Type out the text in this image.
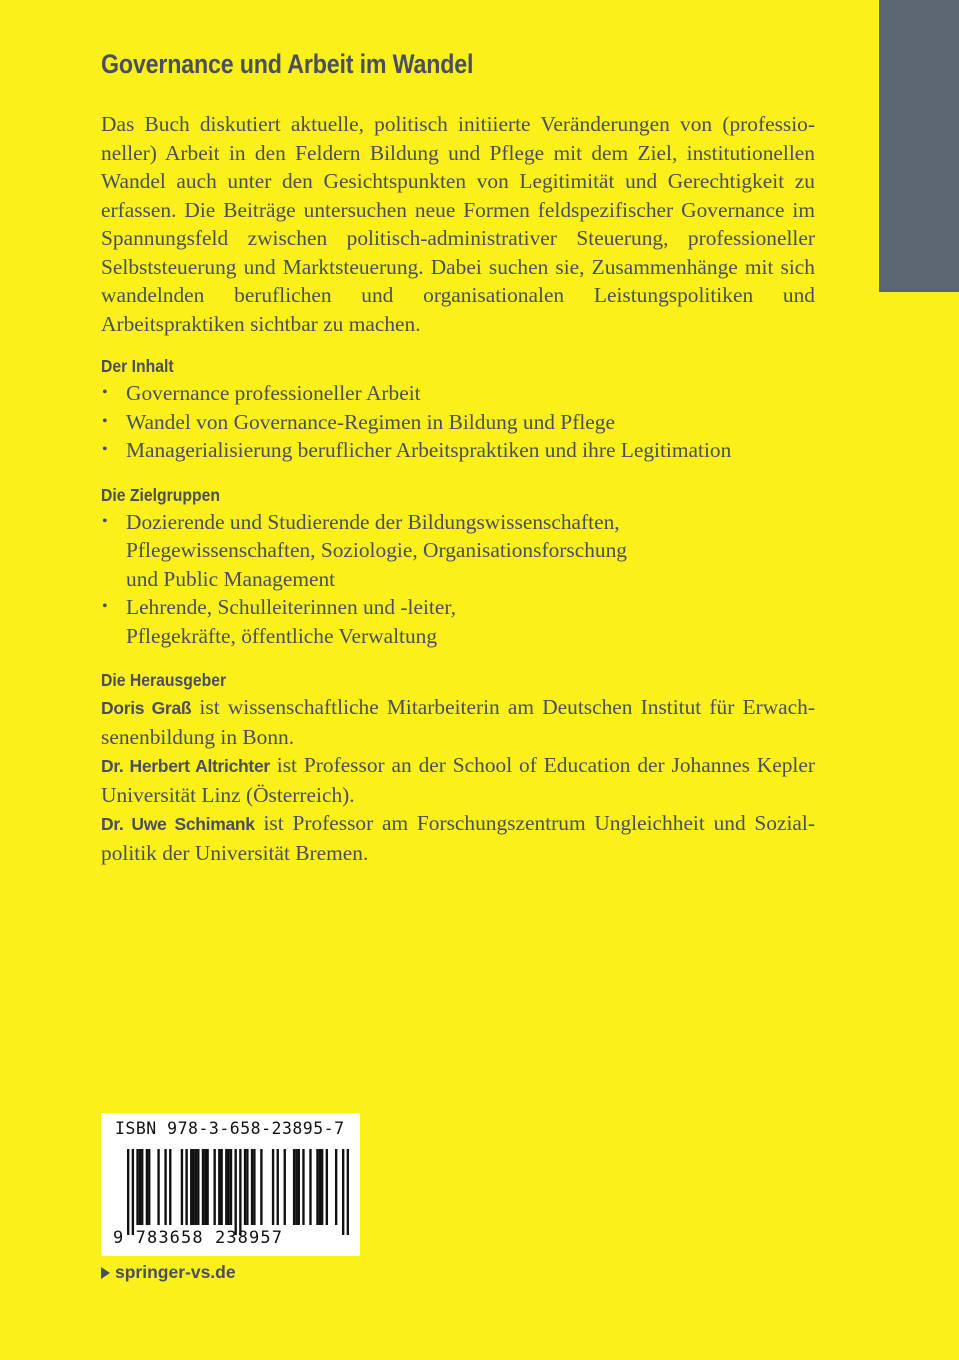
Governance und Arbeit im Wandel

Das Buch diskutiert aktuelle, politisch initiierte Veränderungen von (professioneller) Arbeit in den Feldern Bildung und Pflege mit dem Ziel, institutionellen Wandel auch unter den Gesichtspunkten von Legitimität und Gerechtigkeit zu erfassen. Die Beiträge untersuchen neue Formen feldspezifischer Governance im Spannungsfeld zwischen politisch-administrativer Steuerung, professioneller Selbststeuerung und Marktsteuerung. Dabei suchen sie, Zusammenhänge mit sich wandelnden beruflichen und organisationalen Leistungspolitiken und Arbeitspraktiken sichtbar zu machen.

Der Inhalt
• Governance professioneller Arbeit
• Wandel von Governance-Regimen in Bildung und Pflege
• Managerialisierung beruflicher Arbeitspraktiken und ihre Legitimation
Die Zielgruppen
• Dozierende und Studierende der Bildungswissenschaften,
Pflegewissenschaften, Soziologie, Organisationsforschung
und Public Management
• Lehrende, Schulleiterinnen und -leiter,
Pflegekräfte, öffentliche Verwaltung
Die Herausgeber

Doris Graß ist wissenschaftliche Mitarbeiterin am Deutschen Institut für Erwachsenenbildung in Bonn.

Dr. Herbert Altrichter ist Professor an der School of Education der Johannes Kepler Universität Linz (Österreich).

Dr. Uwe Schimank ist Professor am Forschungszentrum Ungleichheit und Sozialpolitik der Universität Bremen.

ISBN 978-3-658-23895-7
9 783658 238957
springer-vs.de
